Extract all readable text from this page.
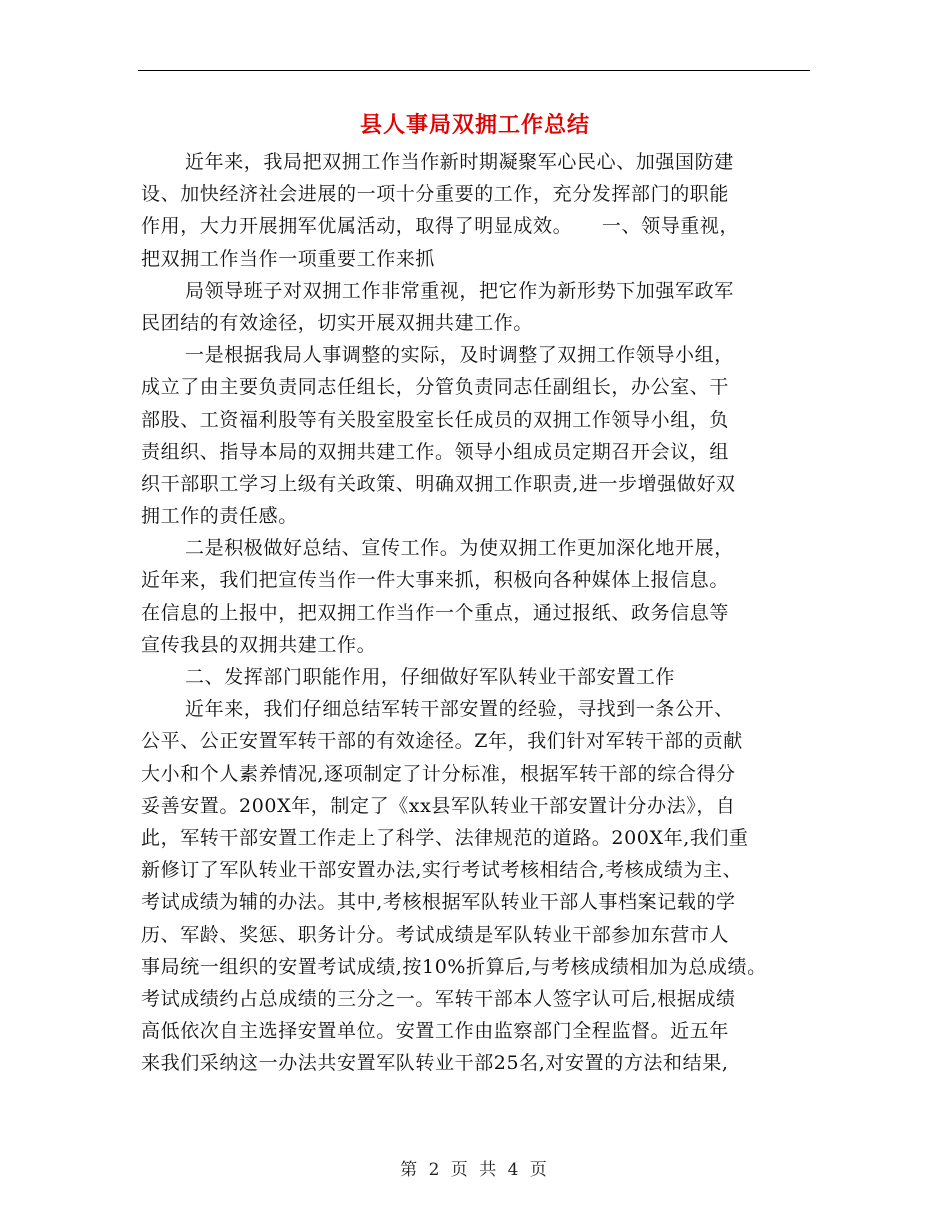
县人事局双拥工作总结
近年来，我局把双拥工作当作新时期凝聚军心民心、加强国防建
设、加快经济社会进展的一项十分重要的工作，充分发挥部门的职能
作用，大力开展拥军优属活动，取得了明显成效。　　一、领导重视，
把双拥工作当作一项重要工作来抓
局领导班子对双拥工作非常重视，把它作为新形势下加强军政军
民团结的有效途径，切实开展双拥共建工作。
一是根据我局人事调整的实际，及时调整了双拥工作领导小组，
成立了由主要负责同志任组长，分管负责同志任副组长，办公室、干
部股、工资福利股等有关股室股室长任成员的双拥工作领导小组，负
责组织、指导本局的双拥共建工作。领导小组成员定期召开会议，组
织干部职工学习上级有关政策、明确双拥工作职责,进一步增强做好双
拥工作的责任感。
二是积极做好总结、宣传工作。为使双拥工作更加深化地开展，
近年来，我们把宣传当作一件大事来抓，积极向各种媒体上报信息。
在信息的上报中，把双拥工作当作一个重点，通过报纸、政务信息等
宣传我县的双拥共建工作。
二、发挥部门职能作用，仔细做好军队转业干部安置工作
近年来，我们仔细总结军转干部安置的经验，寻找到一条公开、
公平、公正安置军转干部的有效途径。Z年，我们针对军转干部的贡献
大小和个人素养情况,逐项制定了计分标准，根据军转干部的综合得分
妥善安置。200X年，制定了《xx县军队转业干部安置计分办法》，自
此，军转干部安置工作走上了科学、法律规范的道路。200X年,我们重
新修订了军队转业干部安置办法,实行考试考核相结合,考核成绩为主、
考试成绩为辅的办法。其中,考核根据军队转业干部人事档案记载的学
历、军龄、奖惩、职务计分。考试成绩是军队转业干部参加东营市人
事局统一组织的安置考试成绩,按10%折算后,与考核成绩相加为总成绩。
考试成绩约占总成绩的三分之一。军转干部本人签字认可后,根据成绩
高低依次自主选择安置单位。安置工作由监察部门全程监督。近五年
来我们采纳这一办法共安置军队转业干部25名,对安置的方法和结果,
第 2 页 共 4 页
